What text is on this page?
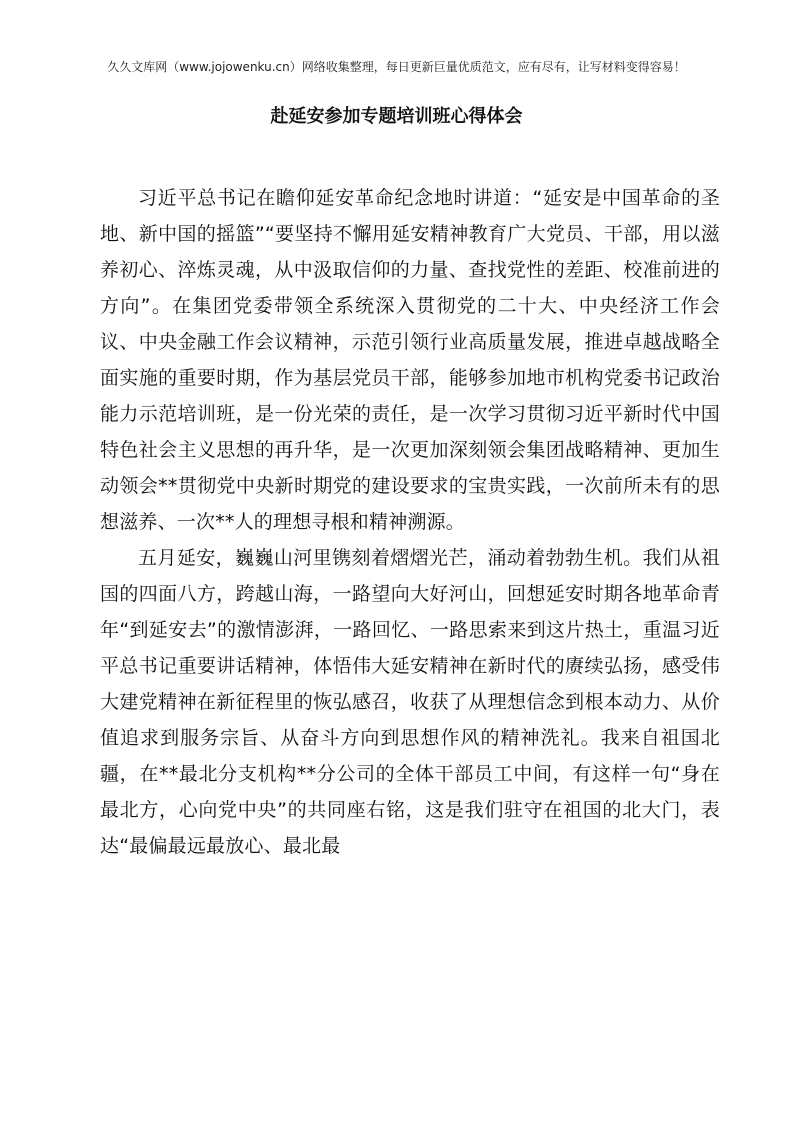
久久文库网（www.jojowenku.cn）网络收集整理，每日更新巨量优质范文，应有尽有，让写材料变得容易！
赴延安参加专题培训班心得体会

习近平总书记在瞻仰延安革命纪念地时讲道：“延安是中国革命的圣地、新中国的摇篮”“要坚持不懈用延安精神教育广大党员、干部，用以滋养初心、淬炼灵魂，从中汲取信仰的力量、查找党性的差距、校准前进的方向”。在集团党委带领全系统深入贯彻党的二十大、中央经济工作会议、中央金融工作会议精神，示范引领行业高质量发展，推进卓越战略全面实施的重要时期，作为基层党员干部，能够参加地市机构党委书记政治能力示范培训班，是一份光荣的责任，是一次学习贯彻习近平新时代中国特色社会主义思想的再升华，是一次更加深刻领会集团战略精神、更加生动领会**贯彻党中央新时期党的建设要求的宝贵实践，一次前所未有的思想滋养、一次**人的理想寻根和精神溯源。

五月延安，巍巍山河里镌刻着熠熠光芒，涌动着勃勃生机。我们从祖国的四面八方，跨越山海，一路望向大好河山，回想延安时期各地革命青年“到延安去”的激情澎湃，一路回忆、一路思索来到这片热土，重温习近平总书记重要讲话精神，体悟伟大延安精神在新时代的赓续弘扬，感受伟大建党精神在新征程里的恢弘感召，收获了从理想信念到根本动力、从价值追求到服务宗旨、从奋斗方向到思想作风的精神洗礼。我来自祖国北疆，在**最北分支机构**分公司的全体干部员工中间，有这样一句“身在最北方，心向党中央”的共同座右铭，这是我们驻守在祖国的北大门，表达“最偏最远最放心、最北最
